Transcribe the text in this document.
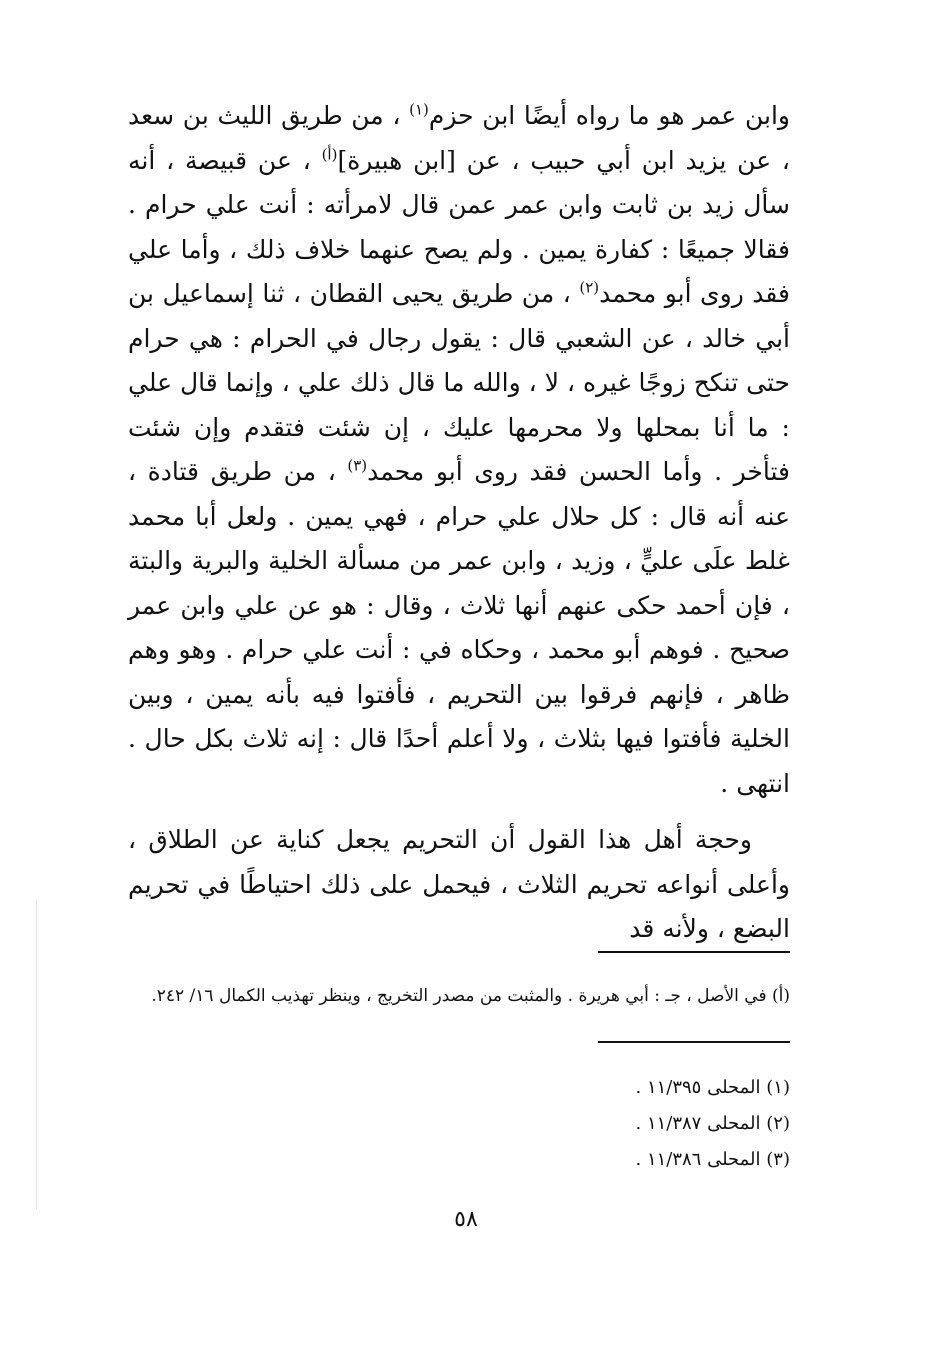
وابن عمر هو ما رواه أيضًا ابن حزم$^{(١)}$ ، من طريق الليث بن سعد ، عن يزيد ابن أبي حبيب ، عن [ابن هبيرة]$^{(أ)}$ ، عن قبيصة ، أنه سأل زيد بن ثابت وابن عمر عمن قال لامرأته : أنت علي حرام . فقالا جميعًا : كفارة يمين . ولم يصح عنهما خلاف ذلك ، وأما علي فقد روى أبو محمد$^{(٢)}$ ، من طريق يحيى القطان ، ثنا إسماعيل بن أبي خالد ، عن الشعبي قال : يقول رجال في الحرام : هي حرام حتى تنكح زوجًا غيره ، لا ، والله ما قال ذلك علي ، وإنما قال علي : ما أنا بمحلها ولا محرمها عليك ، إن شئت فتقدم وإن شئت فتأخر . وأما الحسن فقد روى أبو محمد$^{(٣)}$ ، من طريق قتادة ، عنه أنه قال : كل حلال علي حرام ، فهي يمين . ولعل أبا محمد غلط علَى عليٍّ ، وزيد ، وابن عمر من مسألة الخلية والبرية والبتة ، فإن أحمد حكى عنهم أنها ثلاث ، وقال : هو عن علي وابن عمر صحيح . فوهم أبو محمد ، وحكاه في : أنت علي حرام . وهو وهم ظاهر ، فإنهم فرقوا بين التحريم ، فأفتوا فيه بأنه يمين ، وبين الخلية فأفتوا فيها بثلاث ، ولا أعلم أحدًا قال : إنه ثلاث بكل حال . انتهى .

وحجة أهل هذا القول أن التحريم يجعل كناية عن الطلاق ، وأعلى أنواعه تحريم الثلاث ، فيحمل على ذلك احتياطًا في تحريم البضع ، ولأنه قد

(أ) في الأصل ، جـ : أبي هريرة . والمثبت من مصدر التخريج ، وينظر تهذيب الكمال ١٦/ ٢٤٢.
(١) المحلى ١١/٣٩٥ .
(٢) المحلى ١١/٣٨٧ .
(٣) المحلى ١١/٣٨٦ .
٥٨
